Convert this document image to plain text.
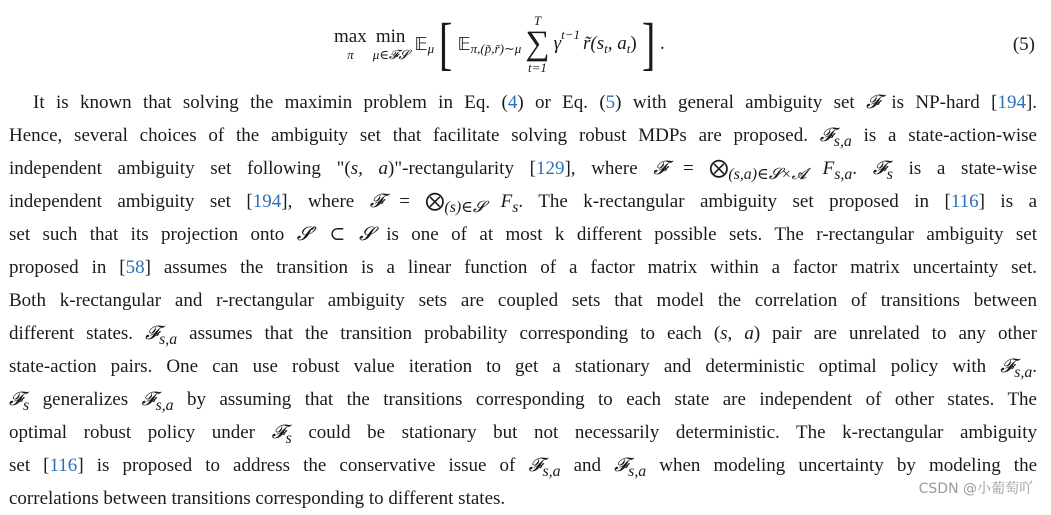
max
π
min
μ∈𝓕𝓢 𝔼 μ [ 𝔼 π,(p̃,r̃)∼μ
T
∑
t=1
γ t−1 r̃(s t , a t ) ] .	(5)
It is known that solving the maximin problem in Eq. (4) or Eq. (5) with general ambiguity set 𝓕 is NP-hard [194].
Hence, several choices of the ambiguity set that facilitate solving robust MDPs are proposed. 𝓕$_{s,a}$ is a state-action-wise
independent ambiguity set following "(s, a)"-rectangularity [129], where 𝓕 = $⨂_{(s,a)\in 𝓢\times 𝓐}$ $F_{s,a}$. 𝓕$_s$ is a state-wise
independent ambiguity set [194], where 𝓕 = $⨂_{(s)\in 𝓢}$ $F_s$. The k-rectangular ambiguity set proposed in [116] is a
set such that its projection onto 𝓢′ ⊂ 𝓢 is one of at most k different possible sets. The r-rectangular ambiguity set
proposed in [58] assumes the transition is a linear function of a factor matrix within a factor matrix uncertainty set.
Both k-rectangular and r-rectangular ambiguity sets are coupled sets that model the correlation of transitions between
different states. 𝓕$_{s,a}$ assumes that the transition probability corresponding to each (s, a) pair are unrelated to any other
state-action pairs. One can use robust value iteration to get a stationary and deterministic optimal policy with 𝓕$_{s,a}$.
𝓕$_s$ generalizes 𝓕$_{s,a}$ by assuming that the transitions corresponding to each state are independent of other states. The
optimal robust policy under 𝓕$_s$ could be stationary but not necessarily deterministic. The k-rectangular ambiguity
set [116] is proposed to address the conservative issue of 𝓕$_{s,a}$ and 𝓕$_{s,a}$ when modeling uncertainty by modeling the
correlations between transitions corresponding to different states.	CSDN @小葡萄吖
